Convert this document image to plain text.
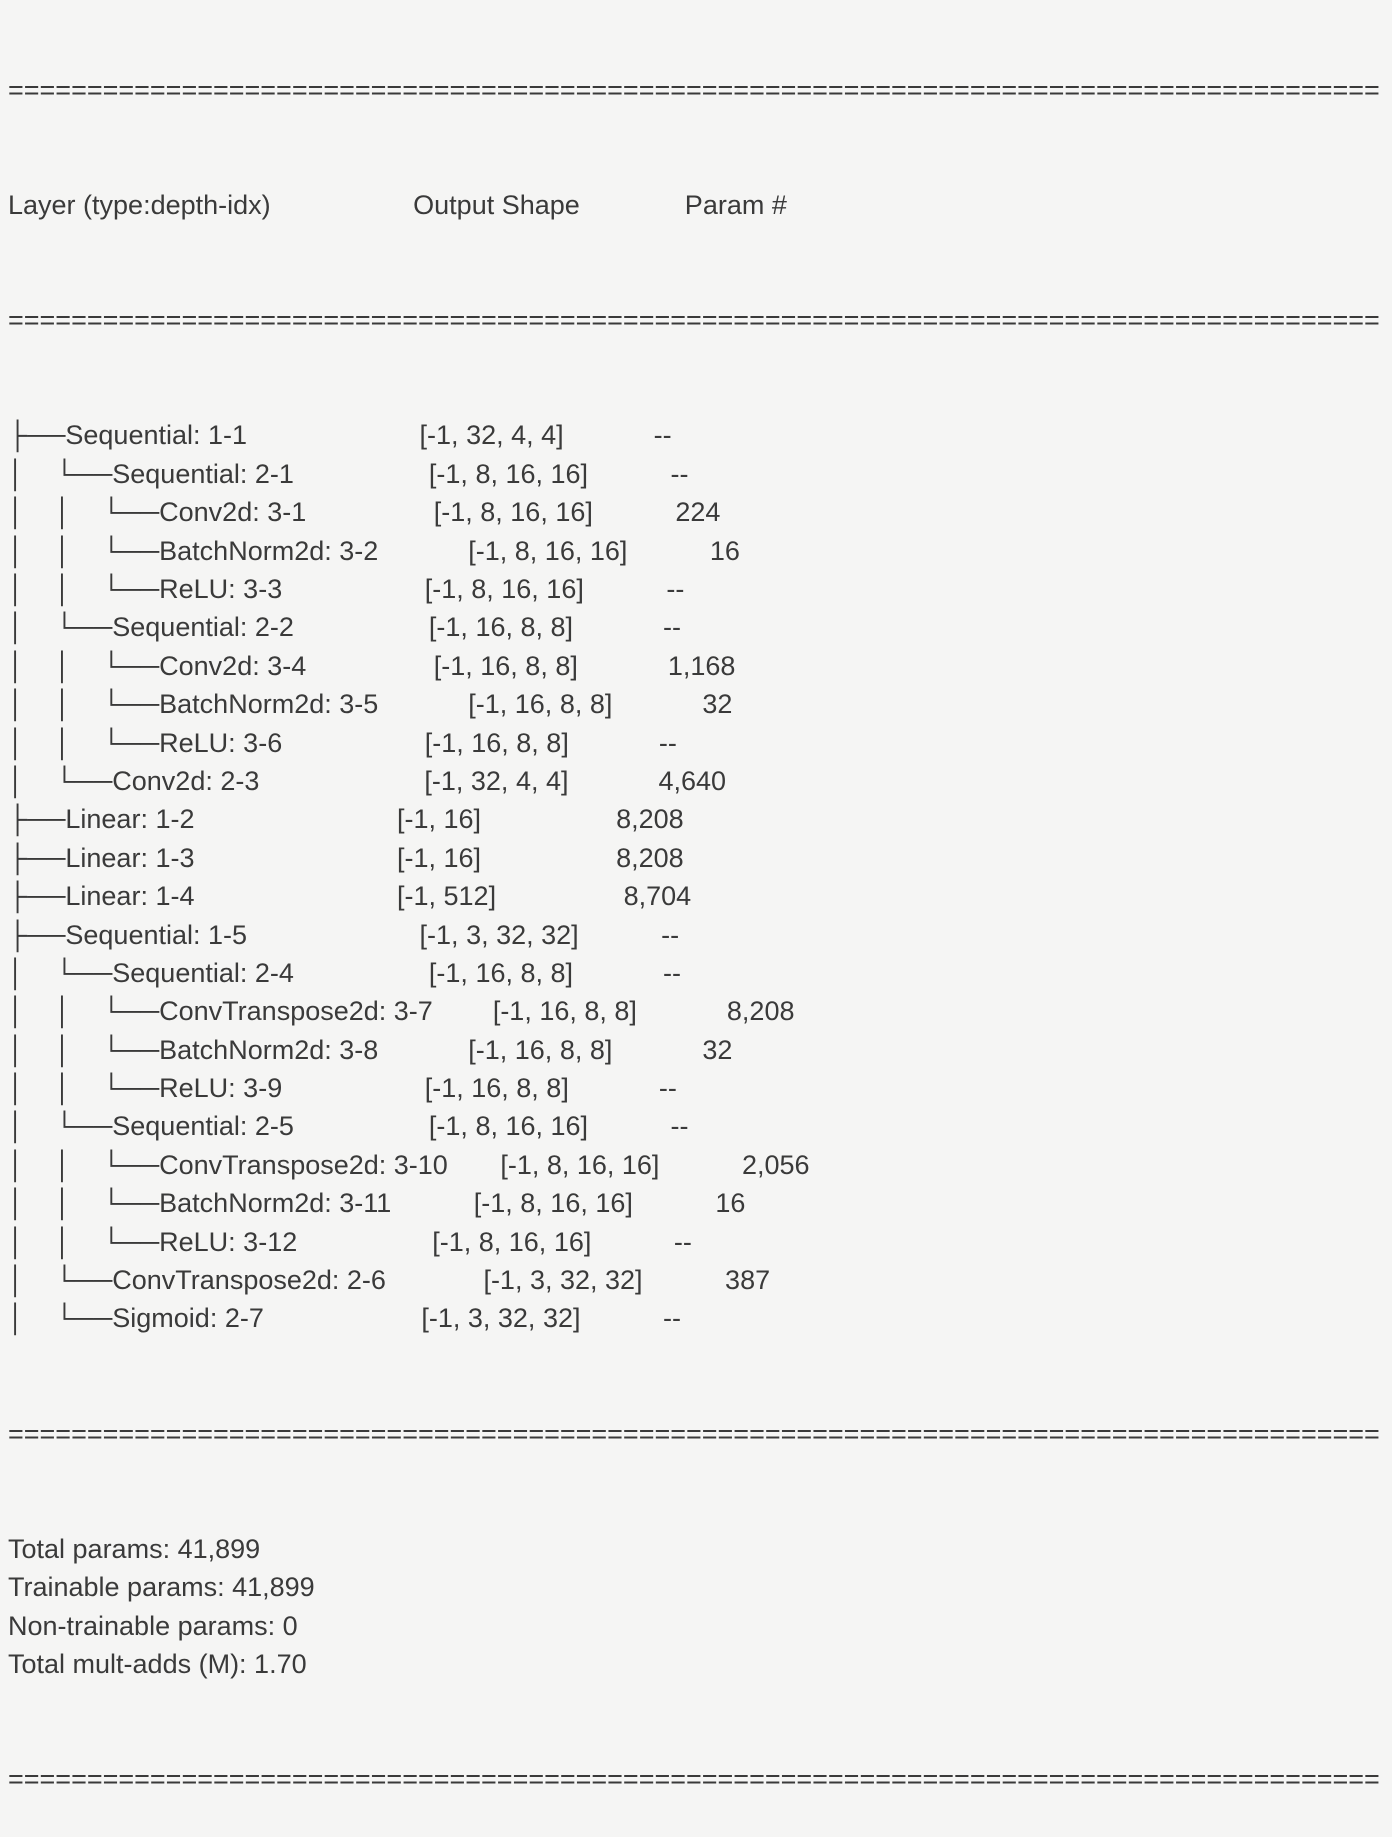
=======================================================================================

Layer (type:depth-idx)                   Output Shape              Param #

=======================================================================================

├──Sequential: 1-1                       [-1, 32, 4, 4]            --
│    └──Sequential: 2-1                  [-1, 8, 16, 16]           --
│    │    └──Conv2d: 3-1                 [-1, 8, 16, 16]           224
│    │    └──BatchNorm2d: 3-2            [-1, 8, 16, 16]           16
│    │    └──ReLU: 3-3                   [-1, 8, 16, 16]           --
│    └──Sequential: 2-2                  [-1, 16, 8, 8]            --
│    │    └──Conv2d: 3-4                 [-1, 16, 8, 8]            1,168
│    │    └──BatchNorm2d: 3-5            [-1, 16, 8, 8]            32
│    │    └──ReLU: 3-6                   [-1, 16, 8, 8]            --
│    └──Conv2d: 2-3                      [-1, 32, 4, 4]            4,640
├──Linear: 1-2                           [-1, 16]                  8,208
├──Linear: 1-3                           [-1, 16]                  8,208
├──Linear: 1-4                           [-1, 512]                 8,704
├──Sequential: 1-5                       [-1, 3, 32, 32]           --
│    └──Sequential: 2-4                  [-1, 16, 8, 8]            --
│    │    └──ConvTranspose2d: 3-7        [-1, 16, 8, 8]            8,208
│    │    └──BatchNorm2d: 3-8            [-1, 16, 8, 8]            32
│    │    └──ReLU: 3-9                   [-1, 16, 8, 8]            --
│    └──Sequential: 2-5                  [-1, 8, 16, 16]           --
│    │    └──ConvTranspose2d: 3-10       [-1, 8, 16, 16]           2,056
│    │    └──BatchNorm2d: 3-11           [-1, 8, 16, 16]           16
│    │    └──ReLU: 3-12                  [-1, 8, 16, 16]           --
│    └──ConvTranspose2d: 2-6             [-1, 3, 32, 32]           387
│    └──Sigmoid: 2-7                     [-1, 3, 32, 32]           --

=======================================================================================

Total params: 41,899
Trainable params: 41,899
Non-trainable params: 0
Total mult-adds (M): 1.70

=======================================================================================
